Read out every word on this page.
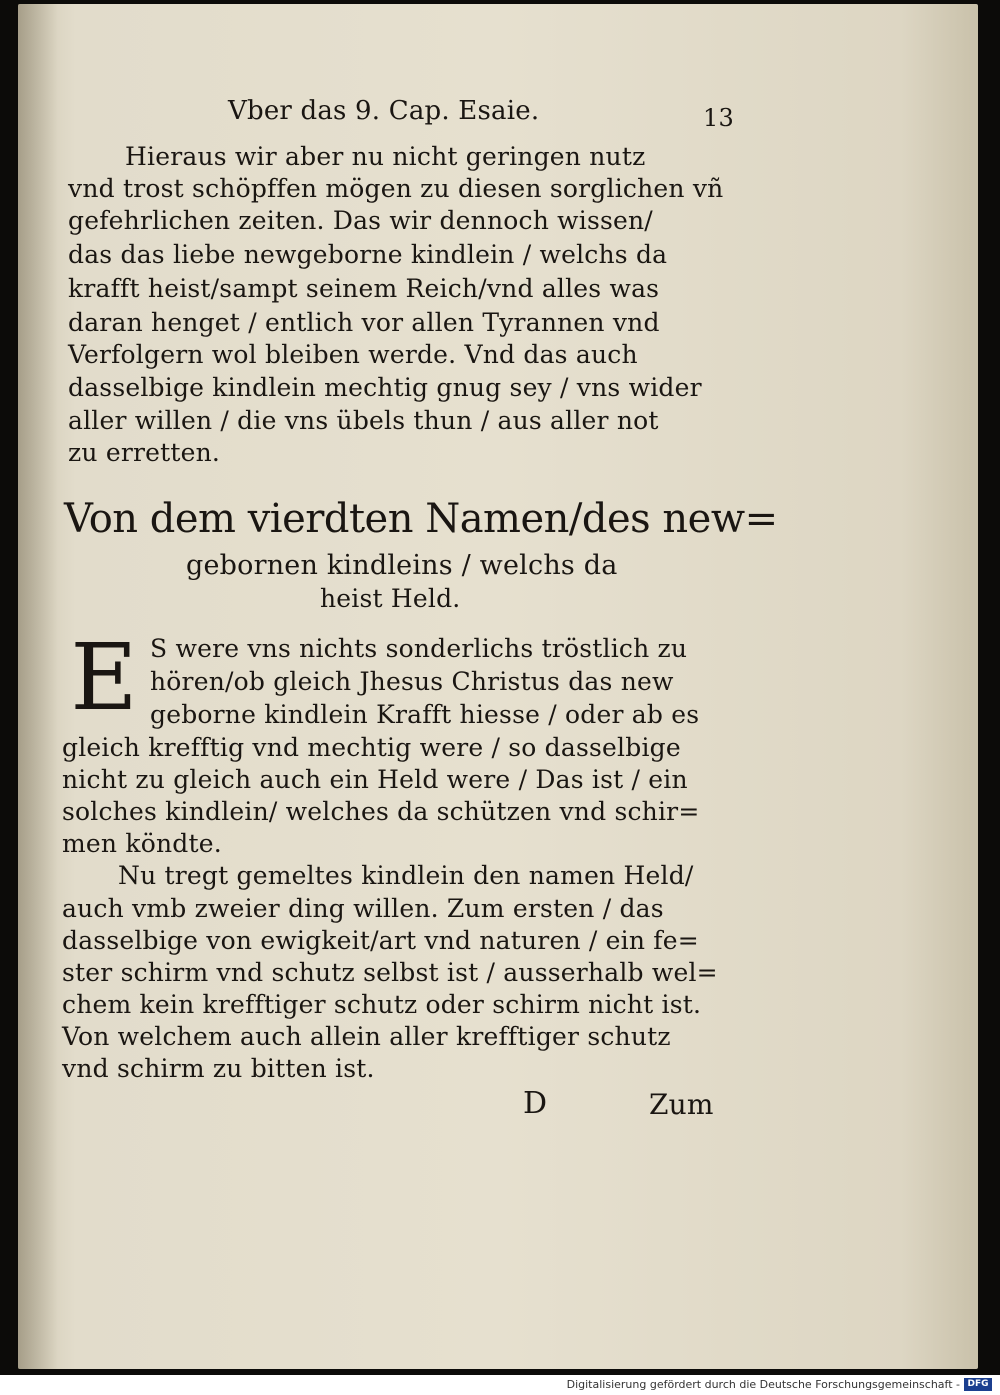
Vber das 9. Cap. Esaie.	13
Hieraus wir aber nu nicht geringen nutz
vnd trost schöpffen mögen zu diesen sorglichen vñ
gefehrlichen zeiten. Das wir dennoch wissen/
das das liebe newgeborne kindlein / welchs da
krafft heist/sampt seinem Reich/vnd alles was
daran henget / entlich vor allen Tyrannen vnd
Verfolgern wol bleiben werde. Vnd das auch
dasselbige kindlein mechtig gnug sey / vns wider
aller willen / die vns übels thun / aus aller not
zu erretten.
Von dem vierdten Namen/des new=
gebornen kindleins / welchs da
heist Held.
E S were vns nichts sonderlichs tröstlich zu
hören/ob gleich Jhesus Christus das new
geborne kindlein Krafft hiesse / oder ab es
gleich krefftig vnd mechtig were / so dasselbige
nicht zu gleich auch ein Held were / Das ist / ein
solches kindlein/ welches da schützen vnd schir=
men köndte.
Nu tregt gemeltes kindlein den namen Held/
auch vmb zweier ding willen. Zum ersten / das
dasselbige von ewigkeit/art vnd naturen / ein fe=
ster schirm vnd schutz selbst ist / ausserhalb wel=
chem kein krefftiger schutz oder schirm nicht ist.
Von welchem auch allein aller krefftiger schutz
vnd schirm zu bitten ist.
D	Zum
Digitalisierung gefördert durch die Deutsche Forschungsgemeinschaft - DFG
